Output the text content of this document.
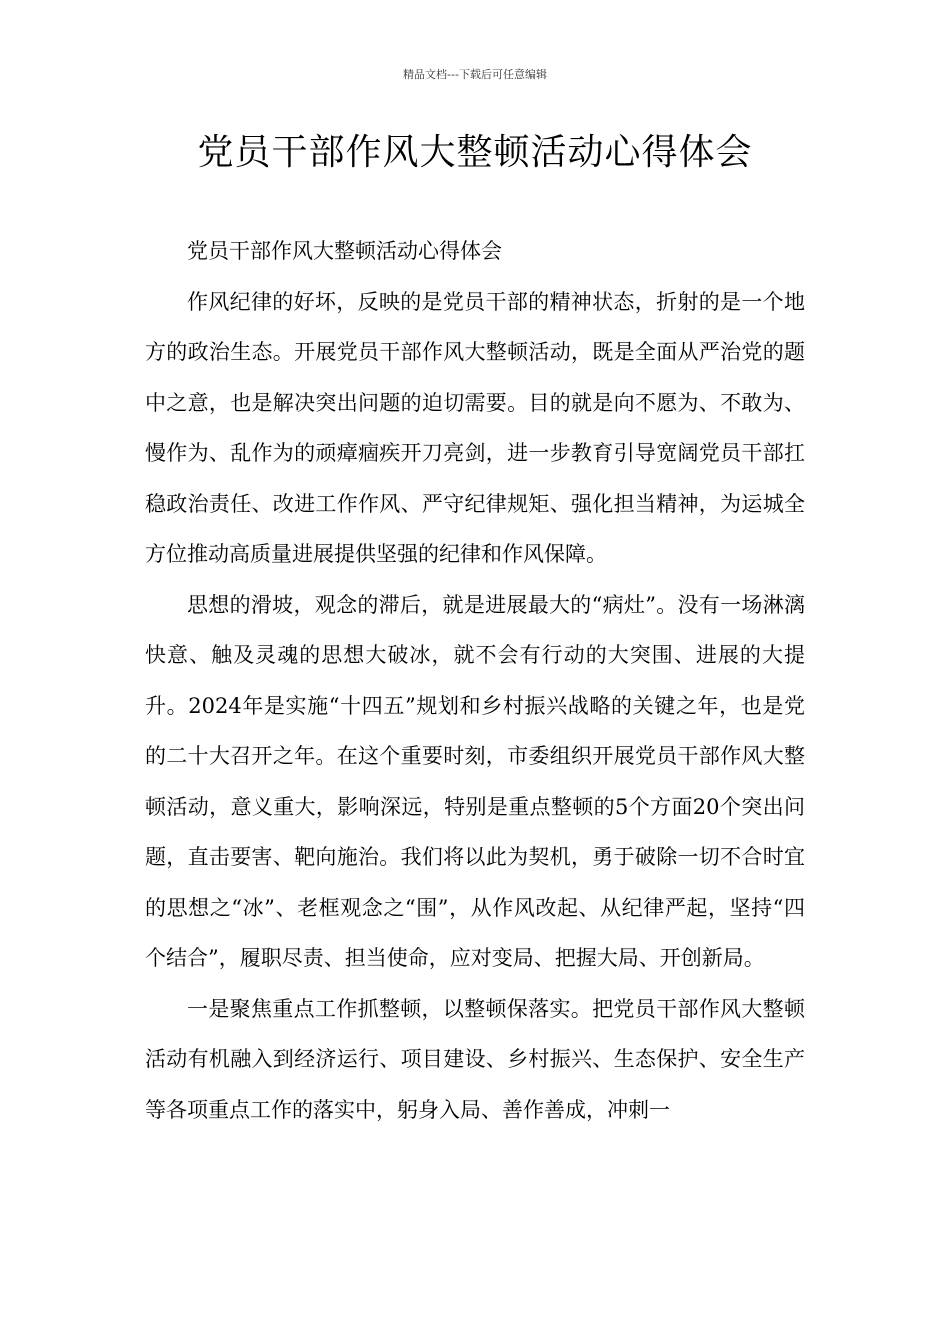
精品文档---下载后可任意编辑
党员干部作风大整顿活动心得体会

党员干部作风大整顿活动心得体会

作风纪律的好坏，反映的是党员干部的精神状态，折射的是一个地方的政治生态。开展党员干部作风大整顿活动，既是全面从严治党的题中之意，也是解决突出问题的迫切需要。目的就是向不愿为、不敢为、慢作为、乱作为的顽瘴痼疾开刀亮剑，进一步教育引导宽阔党员干部扛稳政治责任、改进工作作风、严守纪律规矩、强化担当精神，为运城全方位推动高质量进展提供坚强的纪律和作风保障。

思想的滑坡，观念的滞后，就是进展最大的“病灶”。没有一场淋漓快意、触及灵魂的思想大破冰，就不会有行动的大突围、进展的大提升。2024年是实施“十四五”规划和乡村振兴战略的关键之年，也是党的二十大召开之年。在这个重要时刻，市委组织开展党员干部作风大整顿活动，意义重大，影响深远，特别是重点整顿的5个方面20个突出问题，直击要害、靶向施治。我们将以此为契机，勇于破除一切不合时宜的思想之“冰”、老框观念之“围”，从作风改起、从纪律严起，坚持“四个结合”，履职尽责、担当使命，应对变局、把握大局、开创新局。

一是聚焦重点工作抓整顿，以整顿保落实。把党员干部作风大整顿活动有机融入到经济运行、项目建设、乡村振兴、生态保护、安全生产等各项重点工作的落实中，躬身入局、善作善成，冲刺一
